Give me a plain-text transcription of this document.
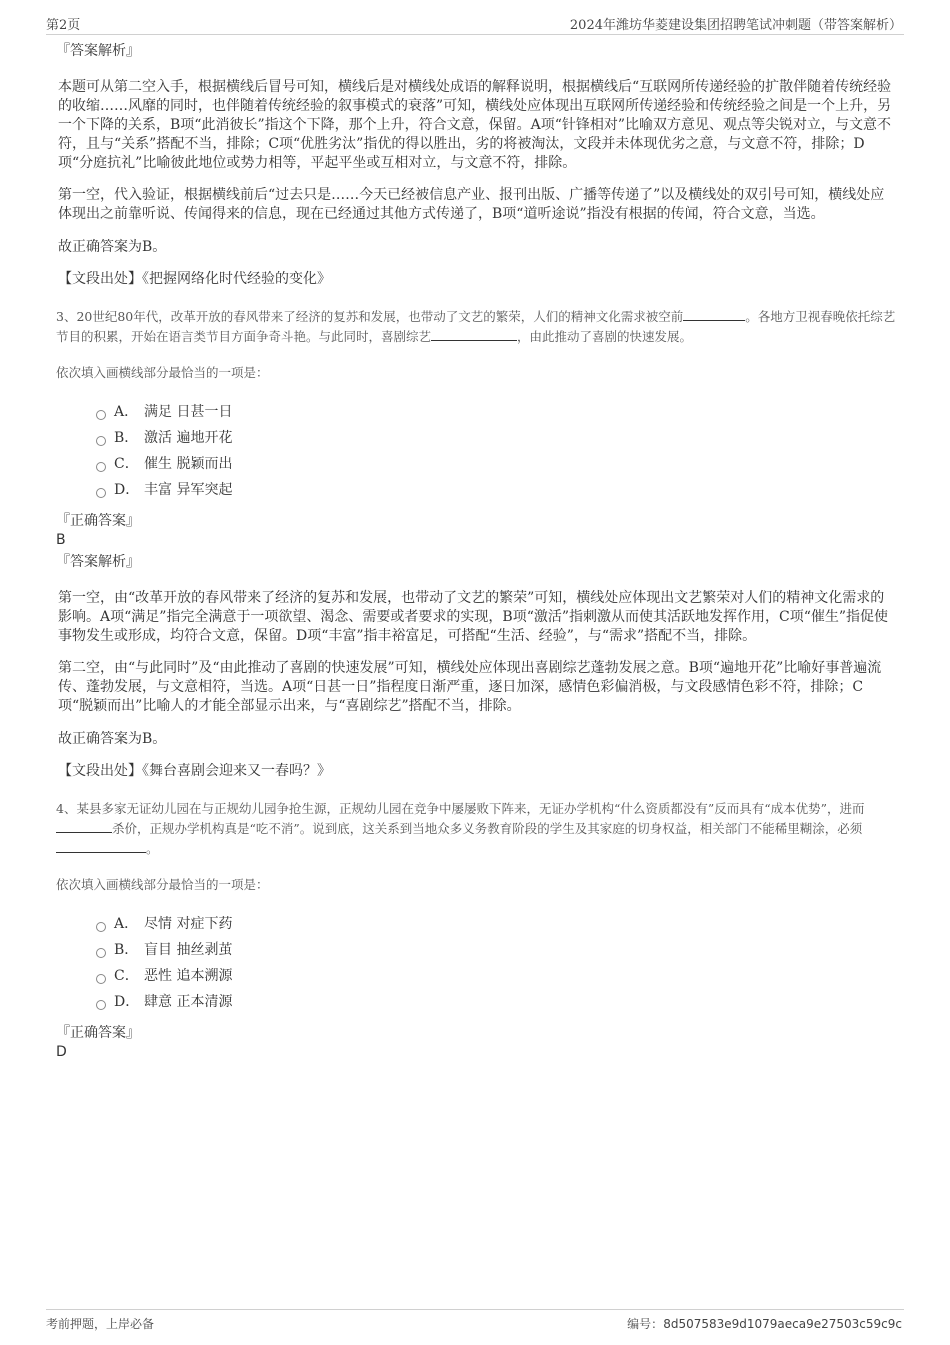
第2页	2024年潍坊华菱建设集团招聘笔试冲刺题（带答案解析）
『答案解析』

本题可从第二空入手，根据横线后冒号可知，横线后是对横线处成语的解释说明，根据横线后“互联网所传递经验的扩散伴随着传统经验的收缩……风靡的同时，也伴随着传统经验的叙事模式的衰落”可知，横线处应体现出互联网所传递经验和传统经验之间是一个上升，另一个下降的关系，B项“此消彼长”指这个下降，那个上升，符合文意，保留。A项“针锋相对”比喻双方意见、观点等尖锐对立，与文意不符，且与“关系”搭配不当，排除；C项“优胜劣汰”指优的得以胜出，劣的将被淘汰，文段并未体现优劣之意，与文意不符，排除；D项“分庭抗礼”比喻彼此地位或势力相等，平起平坐或互相对立，与文意不符，排除。

第一空，代入验证，根据横线前后“过去只是……今天已经被信息产业、报刊出版、广播等传递了”以及横线处的双引号可知，横线处应体现出之前靠听说、传闻得来的信息，现在已经通过其他方式传递了，B项“道听途说”指没有根据的传闻，符合文意，当选。

故正确答案为B。

【文段出处】《把握网络化时代经验的变化》

3、20世纪80年代，改革开放的春风带来了经济的复苏和发展，也带动了文艺的繁荣，人们的精神文化需求被空前	。各地方卫视春晚依托综艺节目的积累，开始在语言类节目方面争奇斗艳。与此同时，喜剧综艺	，由此推动了喜剧的快速发展。

依次填入画横线部分最恰当的一项是：

A． 满足 日甚一日
B． 激活 遍地开花
C． 催生 脱颖而出
D． 丰富 异军突起

『正确答案』

B

『答案解析』

第一空，由“改革开放的春风带来了经济的复苏和发展，也带动了文艺的繁荣”可知，横线处应体现出文艺繁荣对人们的精神文化需求的影响。A项“满足”指完全满意于一项欲望、渴念、需要或者要求的实现，B项“激活”指刺激从而使其活跃地发挥作用，C项“催生”指促使事物发生或形成，均符合文意，保留。D项“丰富”指丰裕富足，可搭配“生活、经验”，与“需求”搭配不当，排除。

第二空，由“与此同时”及“由此推动了喜剧的快速发展”可知，横线处应体现出喜剧综艺蓬勃发展之意。B项“遍地开花”比喻好事普遍流传、蓬勃发展，与文意相符，当选。A项“日甚一日”指程度日渐严重，逐日加深，感情色彩偏消极，与文段感情色彩不符，排除；C项“脱颖而出”比喻人的才能全部显示出来，与“喜剧综艺”搭配不当，排除。

故正确答案为B。

【文段出处】《舞台喜剧会迎来又一春吗？》

4、某县多家无证幼儿园在与正规幼儿园争抢生源，正规幼儿园在竞争中屡屡败下阵来，无证办学机构“什么资质都没有”反而具有“成本优势”，进而杀价，正规办学机构真是“吃不消”。说到底，这关系到当地众多义务教育阶段的学生及其家庭的切身权益，相关部门不能稀里糊涂，必须。

依次填入画横线部分最恰当的一项是：

A． 尽情 对症下药
B． 盲目 抽丝剥茧
C． 恶性 追本溯源
D． 肆意 正本清源

『正确答案』

D

考前押题，上岸必备	编号：8d507583e9d1079aeca9e27503c59c9c
